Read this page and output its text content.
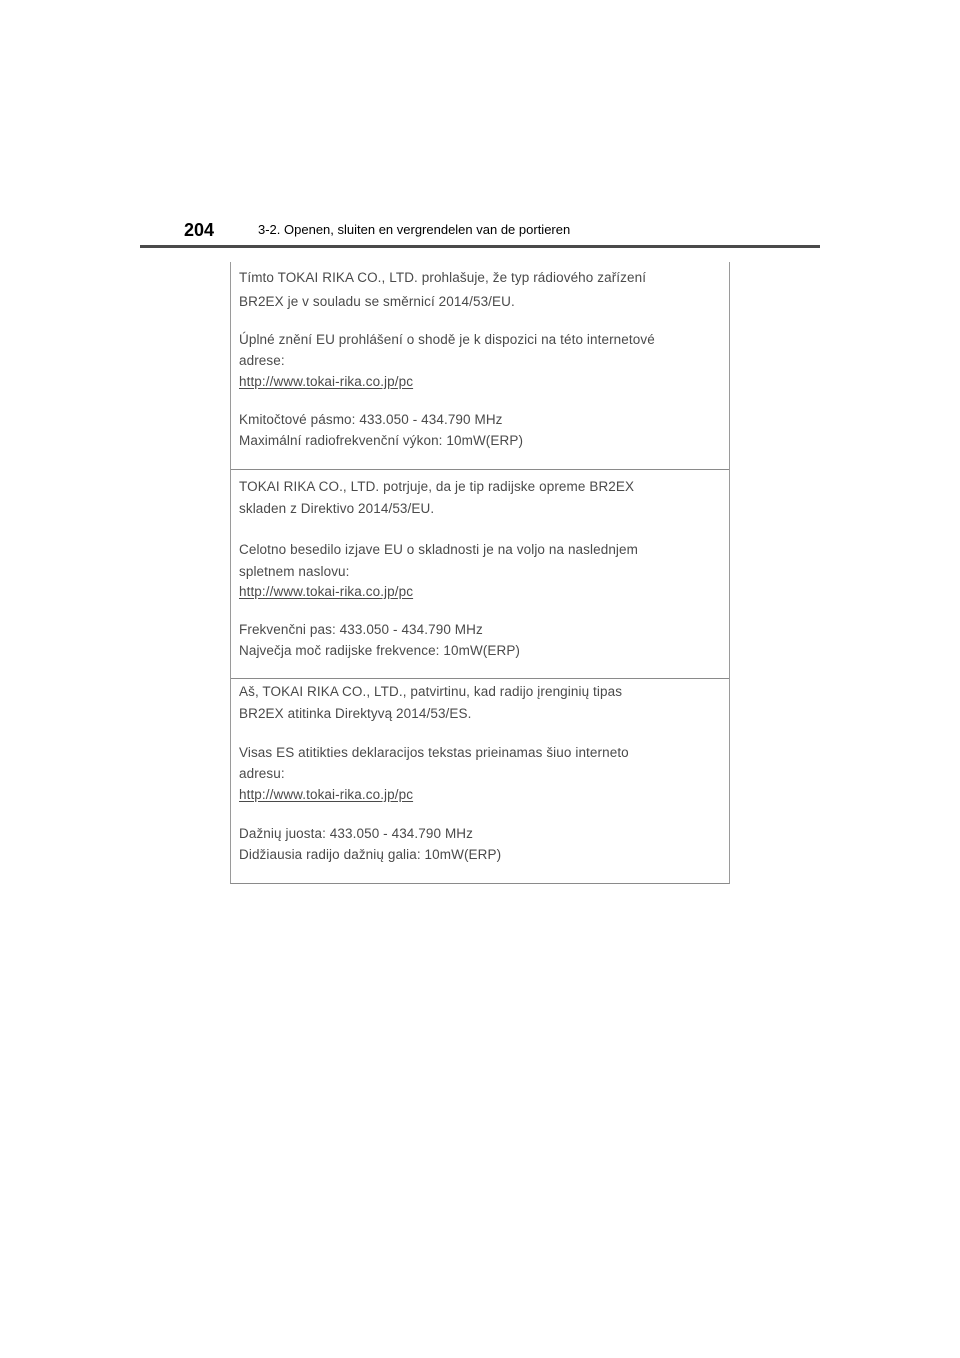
204	3-2. Openen, sluiten en vergrendelen van de portieren
Tímto TOKAI RIKA CO., LTD. prohlašuje, že typ rádiového zařízení
BR2EX je v souladu se směrnicí 2014/53/EU.
Úplné znění EU prohlášení o shodě je k dispozici na této internetové
adrese:
http://www.tokai-rika.co.jp/pc
Kmitočtové pásmo: 433.050 - 434.790 MHz
Maximální radiofrekvenční výkon: 10mW(ERP)
TOKAI RIKA CO., LTD. potrjuje, da je tip radijske opreme BR2EX
skladen z Direktivo 2014/53/EU.
Celotno besedilo izjave EU o skladnosti je na voljo na naslednjem
spletnem naslovu:
http://www.tokai-rika.co.jp/pc
Frekvenčni pas: 433.050 - 434.790 MHz
Največja moč radijske frekvence: 10mW(ERP)
Aš, TOKAI RIKA CO., LTD., patvirtinu, kad radijo įrenginių tipas
BR2EX atitinka Direktyvą 2014/53/ES.
Visas ES atitikties deklaracijos tekstas prieinamas šiuo interneto
adresu:
http://www.tokai-rika.co.jp/pc
Dažnių juosta: 433.050 - 434.790 MHz
Didžiausia radijo dažnių galia: 10mW(ERP)
